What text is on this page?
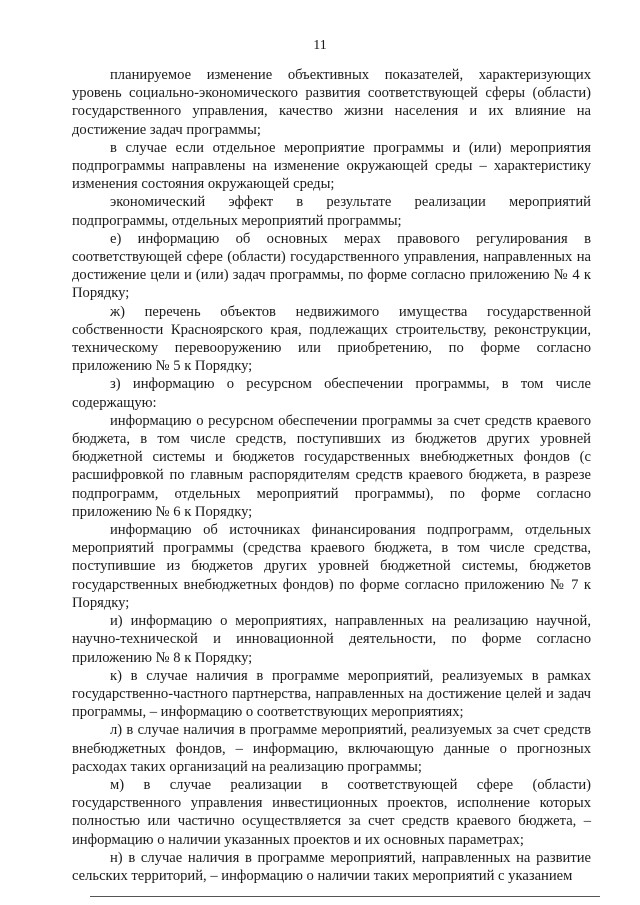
11

планируемое изменение объективных показателей, характеризующих уровень социально-экономического развития соответствующей сферы (области) государственного управления, качество жизни населения и их влияние на достижение задач программы;

в случае если отдельное мероприятие программы и (или) мероприятия подпрограммы направлены на изменение окружающей среды – характеристику изменения состояния окружающей среды;

экономический эффект в результате реализации мероприятий подпрограммы, отдельных мероприятий программы;

е) информацию об основных мерах правового регулирования в соответствующей сфере (области) государственного управления, направленных на достижение цели и (или) задач программы, по форме согласно приложению № 4 к Порядку;

ж) перечень объектов недвижимого имущества государственной собственности Красноярского края, подлежащих строительству, реконструкции, техническому перевооружению или приобретению, по форме согласно приложению № 5 к Порядку;

з) информацию о ресурсном обеспечении программы, в том числе содержащую:

информацию о ресурсном обеспечении программы за счет средств краевого бюджета, в том числе средств, поступивших из бюджетов других уровней бюджетной системы и бюджетов государственных внебюджетных фондов (с расшифровкой по главным распорядителям средств краевого бюджета, в разрезе подпрограмм, отдельных мероприятий программы), по форме согласно приложению № 6 к Порядку;

информацию об источниках финансирования подпрограмм, отдельных мероприятий программы (средства краевого бюджета, в том числе средства, поступившие из бюджетов других уровней бюджетной системы, бюджетов государственных внебюджетных фондов) по форме согласно приложению № 7 к Порядку;

и) информацию о мероприятиях, направленных на реализацию научной, научно-технической и инновационной деятельности, по форме согласно приложению № 8 к Порядку;

к) в случае наличия в программе мероприятий, реализуемых в рамках государственно-частного партнерства, направленных на достижение целей и задач программы, – информацию о соответствующих мероприятиях;

л) в случае наличия в программе мероприятий, реализуемых за счет средств внебюджетных фондов, – информацию, включающую данные о прогнозных расходах таких организаций на реализацию программы;

м) в случае реализации в соответствующей сфере (области) государственного управления инвестиционных проектов, исполнение которых полностью или частично осуществляется за счет средств краевого бюджета, – информацию о наличии указанных проектов и их основных параметрах;

н) в случае наличия в программе мероприятий, направленных на развитие сельских территорий, – информацию о наличии таких мероприятий с указанием
